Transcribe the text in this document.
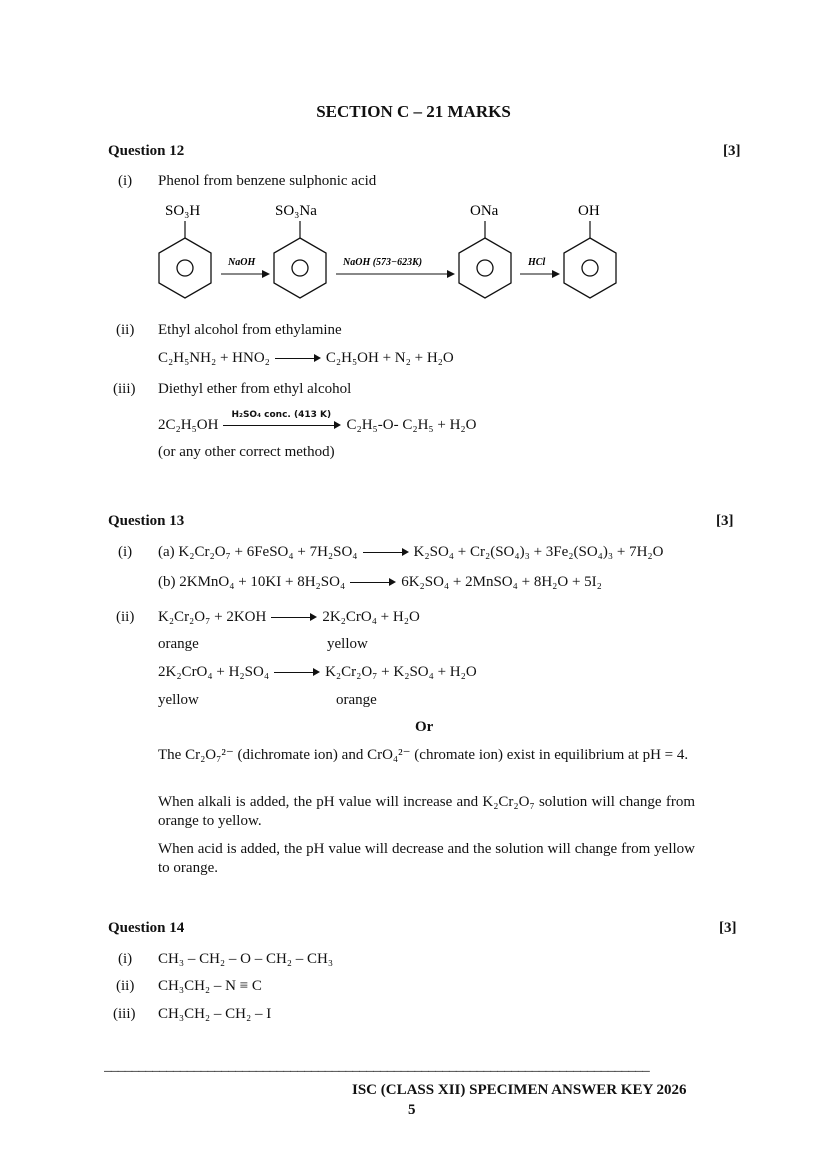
SECTION C – 21 MARKS
Question 12	[3]
(i) Phenol from benzene sulphonic acid
SO₃H
NaOH
SO₃Na
NaOH (573−623K)
ONa
HCl
OH
(ii) Ethyl alcohol from ethylamine
C₂H₅NH₂ + HNO₂	C₂H₅OH + N₂ + H₂O
(iii) Diethyl ether from ethyl alcohol
2C₂H₅OH
H₂SO₄ conc. (413 K)
C₂H₅-O- C₂H₅ + H₂O
(or any other correct method)
Question 13	[3]
(i) (a) K₂Cr₂O₇ + 6FeSO₄ + 7H₂SO₄	K₂SO₄ + Cr₂(SO₄)₃ + 3Fe₂(SO₄)₃ + 7H₂O
(b) 2KMnO₄ + 10KI + 8H₂SO₄	6K₂SO₄ + 2MnSO₄ + 8H₂O + 5I₂
(ii) K₂Cr₂O₇ + 2KOH	2K₂CrO₄ + H₂O
orange	yellow
2K₂CrO₄ + H₂SO₄	K₂Cr₂O₇ + K₂SO₄ + H₂O
yellow	orange
Or
The Cr₂O₇²⁻ (dichromate ion) and CrO₄²⁻ (chromate ion) exist in equilibrium at pH = 4.
When alkali is added, the pH value will increase and K₂Cr₂O₇ solution will change from orange to yellow.
When acid is added, the pH value will decrease and the solution will change from yellow to orange.
Question 14	[3]
(i) CH₃ – CH₂ – O – CH₂ – CH₃
(ii) CH₃CH₂ – N ≡ C
(iii) CH₃CH₂ – CH₂ – I
_______________________________________________________________________________
ISC (CLASS XII) SPECIMEN ANSWER KEY 2026
5
